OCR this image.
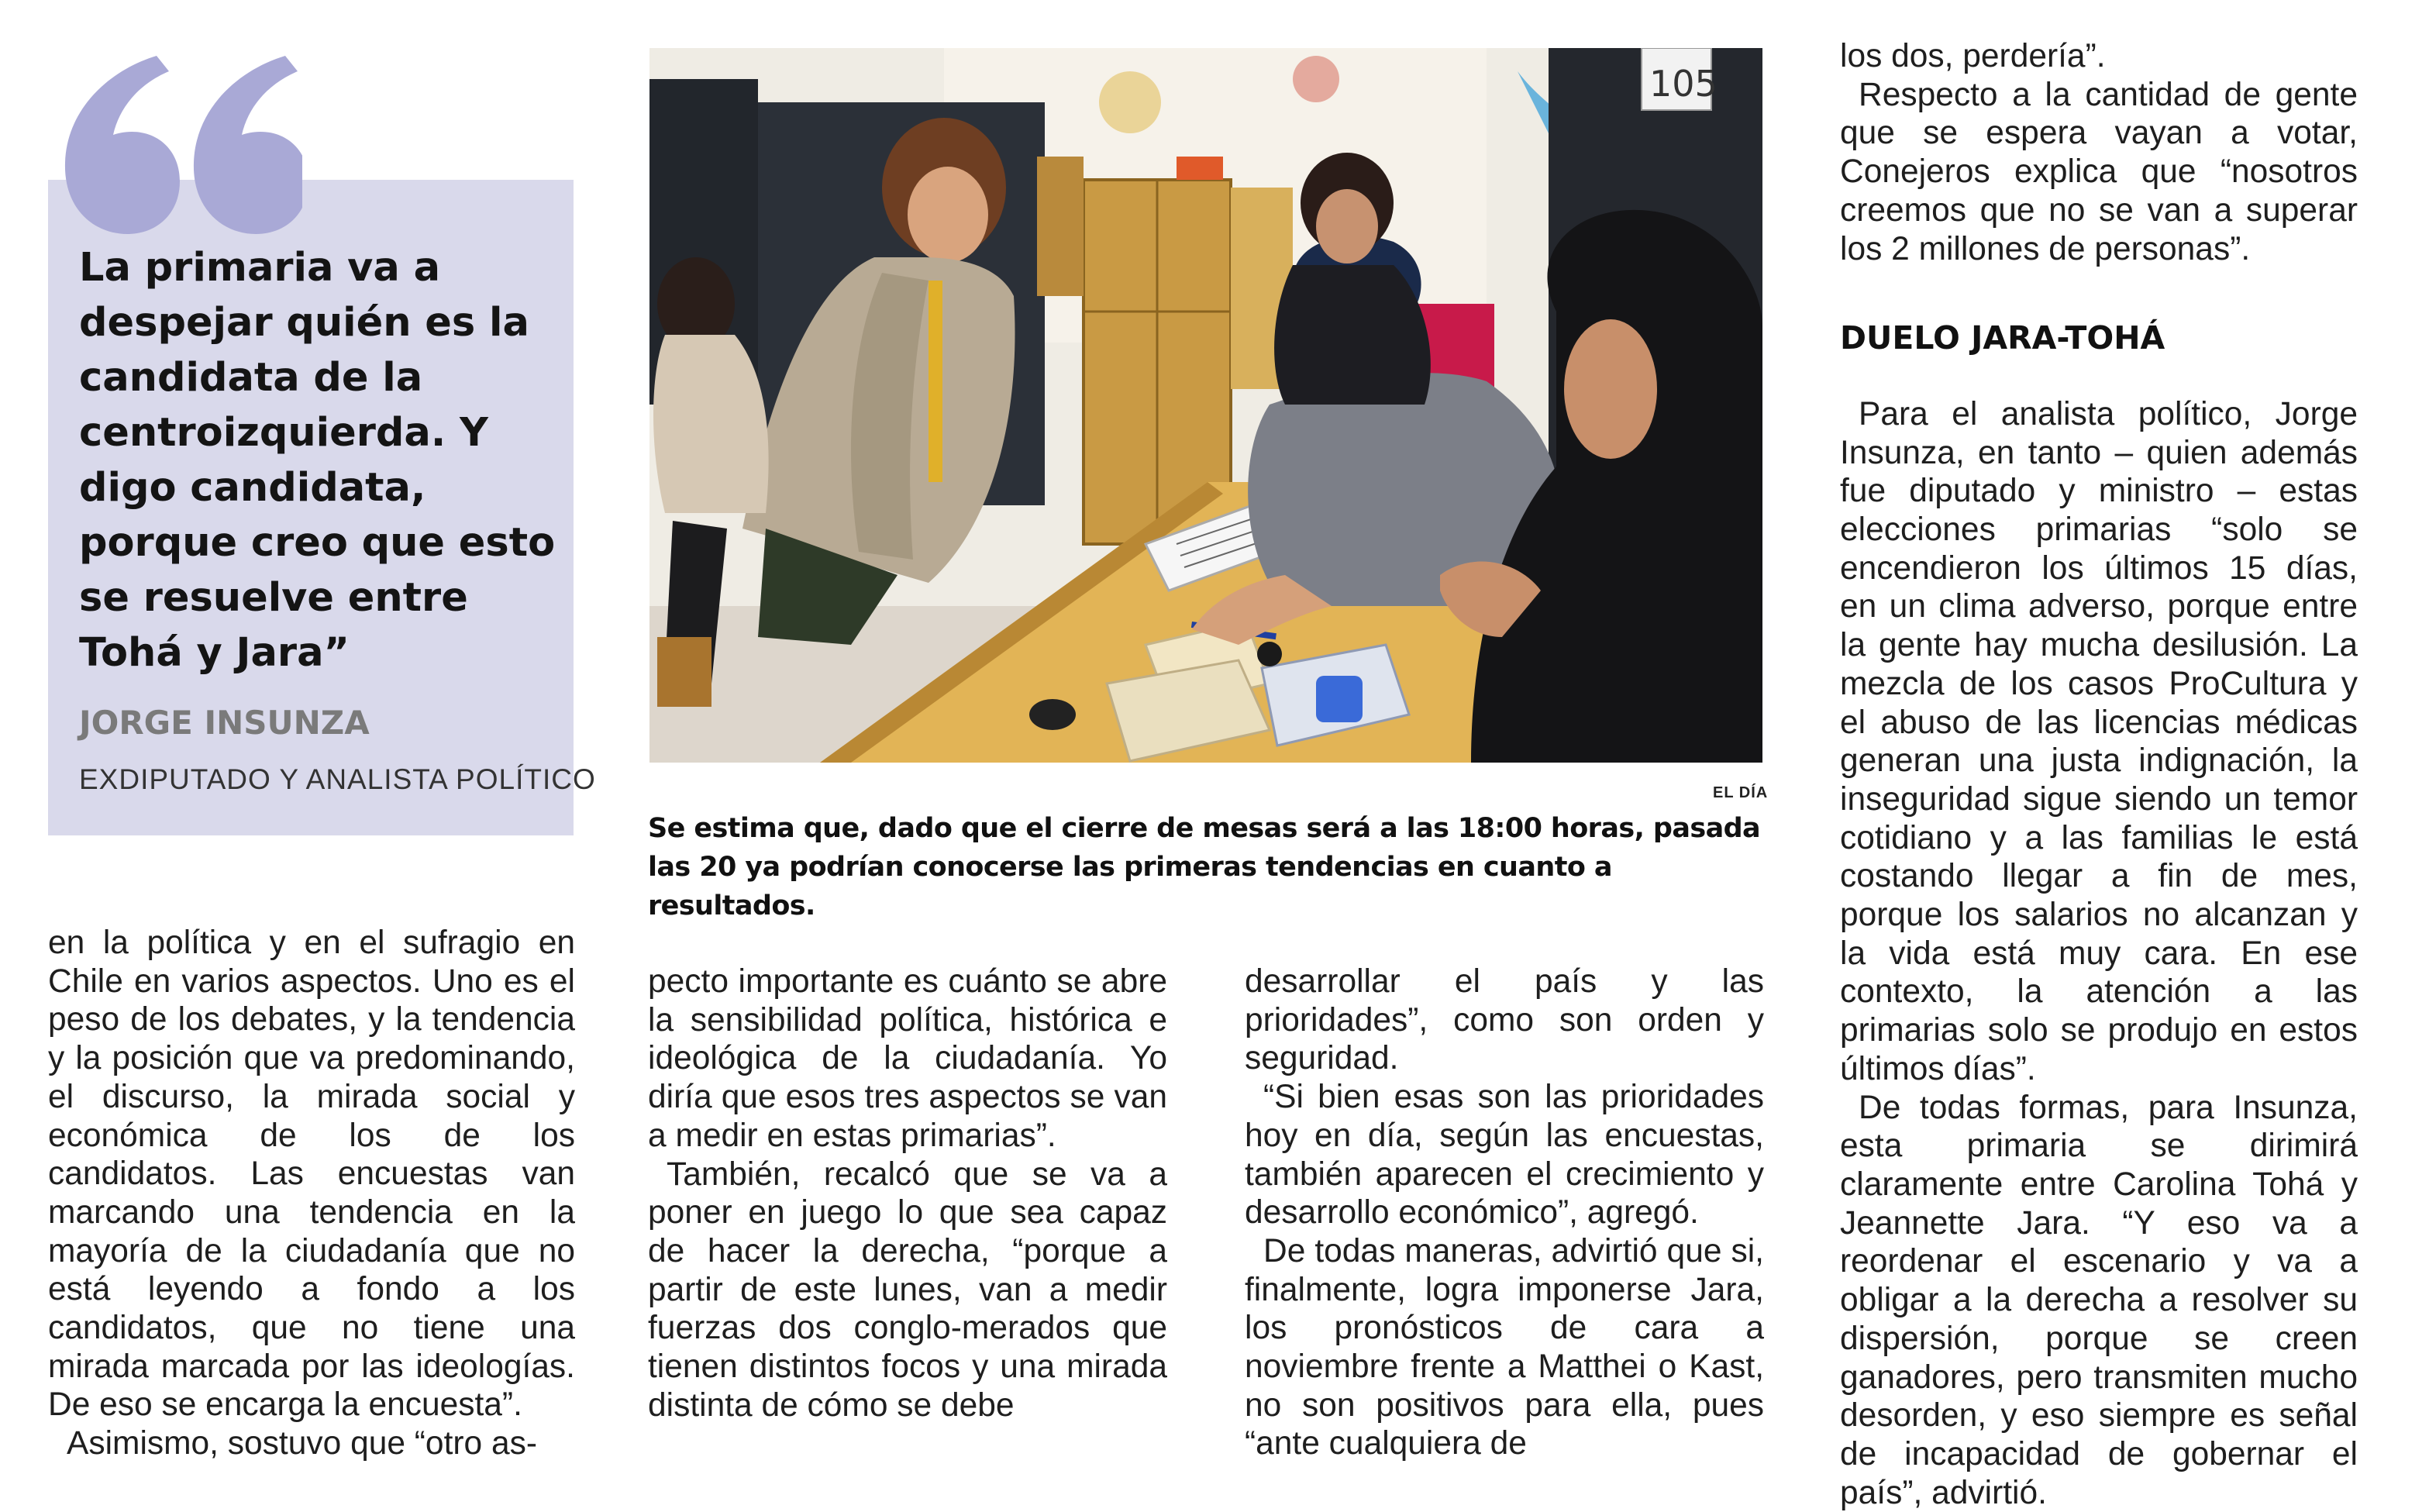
La primaria va a despejar quién es la candidata de la centroizquierda. Y digo candidata, porque creo que esto se resuelve entre Tohá y Jara”
JORGE INSUNZA
EXDIPUTADO Y ANALISTA POLÍTICO
105
EL DÍA
Se estima que, dado que el cierre de mesas será a las 18:00 horas, pasada las 20 ya podrían conocerse las primeras tendencias en cuanto a resultados.

en la política y en el sufragio en Chile en varios aspectos. Uno es el peso de los debates, y la tendencia y la posición que va predominando, el discurso, la mirada social y económica de los de los candidatos. Las encuestas van marcando una tendencia en la mayoría de la ciudadanía que no está leyendo a fondo a los candidatos, que no tiene una mirada marcada por las ideologías. De eso se encarga la encuesta”.

Asimismo, sostuvo que “otro as-

pecto importante es cuánto se abre la sensibilidad política, histórica e ideológica de la ciudadanía. Yo diría que esos tres aspectos se van a medir en estas primarias”.

También, recalcó que se va a poner en juego lo que sea capaz de hacer la derecha, “porque a partir de este lunes, van a medir fuerzas dos conglo-merados que tienen distintos focos y una mirada distinta de cómo se debe

desarrollar el país y las prioridades”, como son orden y seguridad.

“Si bien esas son las prioridades hoy en día, según las encuestas, también aparecen el crecimiento y desarrollo económico”, agregó.

De todas maneras, advirtió que si, finalmente, logra imponerse Jara, los pronósticos de cara a noviembre frente a Matthei o Kast, no son positivos para ella, pues “ante cualquiera de

los dos, perdería”.

Respecto a la cantidad de gente que se espera vayan a votar, Conejeros explica que “nosotros creemos que no se van a superar los 2 millones de personas”.

DUELO JARA-TOHÁ

Para el analista político, Jorge Insunza, en tanto – quien además fue diputado y ministro – estas elecciones primarias “solo se encendieron los últimos 15 días, en un clima adverso, porque entre la gente hay mucha desilusión. La mezcla de los casos ProCultura y el abuso de las licencias médicas generan una justa indignación, la inseguridad sigue siendo un temor cotidiano y a las familias le está costando llegar a fin de mes, porque los salarios no alcanzan y la vida está muy cara. En ese contexto, la atención a las primarias solo se produjo en estos últimos días”.

De todas formas, para Insunza, esta primaria se dirimirá claramente entre Carolina Tohá y Jeannette Jara. “Y eso va a reordenar el escenario y va a obligar a la derecha a resolver su dispersión, porque se creen ganadores, pero transmiten mucho desorden, y eso siempre es señal de incapacidad de gobernar el país”, advirtió.
